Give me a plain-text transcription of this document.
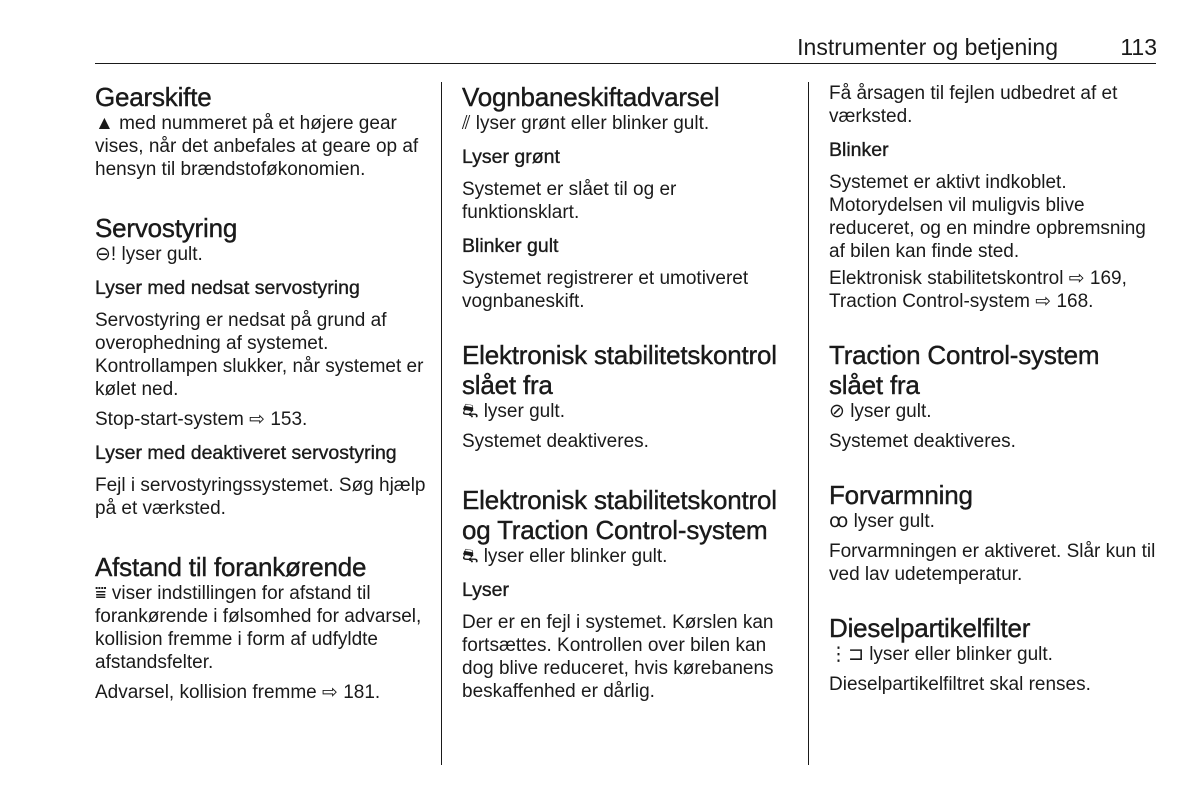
Instrumenter og betjening	113
Gearskifte

▲ med nummeret på et højere gear vises, når det anbefales at geare op af hensyn til brændstoføkonomien.

Servostyring

⊖! lyser gult.

Lyser med nedsat servostyring

Servostyring er nedsat på grund af overophedning af systemet. Kontrollampen slukker, når systemet er kølet ned.

Stop-start-system ⇨ 153.

Lyser med deaktiveret servostyring

Fejl i servostyringssystemet. Søg hjælp på et værksted.

Afstand til forankørende

⩸ viser indstillingen for afstand til forankørende i følsomhed for advarsel, kollision fremme i form af udfyldte afstandsfelter.

Advarsel, kollision fremme ⇨ 181.

Vognbaneskiftadvarsel

⫽ lyser grønt eller blinker gult.

Lyser grønt

Systemet er slået til og er funktionsklart.

Blinker gult

Systemet registrerer et umotiveret vognbaneskift.

Elektronisk stabilitetskontrol slået fra

⛐ lyser gult.

Systemet deaktiveres.

Elektronisk stabilitetskontrol og Traction Control-system

⛐ lyser eller blinker gult.

Lyser

Der er en fejl i systemet. Kørslen kan fortsættes. Kontrollen over bilen kan dog blive reduceret, hvis kørebanens beskaffenhed er dårlig.

Få årsagen til fejlen udbedret af et værksted.

Blinker

Systemet er aktivt indkoblet. Motorydelsen vil muligvis blive reduceret, og en mindre opbremsning af bilen kan finde sted.

Elektronisk stabilitetskontrol ⇨ 169,
Traction Control-system ⇨ 168.

Traction Control-system slået fra

⊘ lyser gult.

Systemet deaktiveres.

Forvarmning

ꝏ lyser gult.

Forvarmningen er aktiveret. Slår kun til ved lav udetemperatur.

Dieselpartikelfilter

⋮⊐ lyser eller blinker gult.

Dieselpartikelfiltret skal renses.
